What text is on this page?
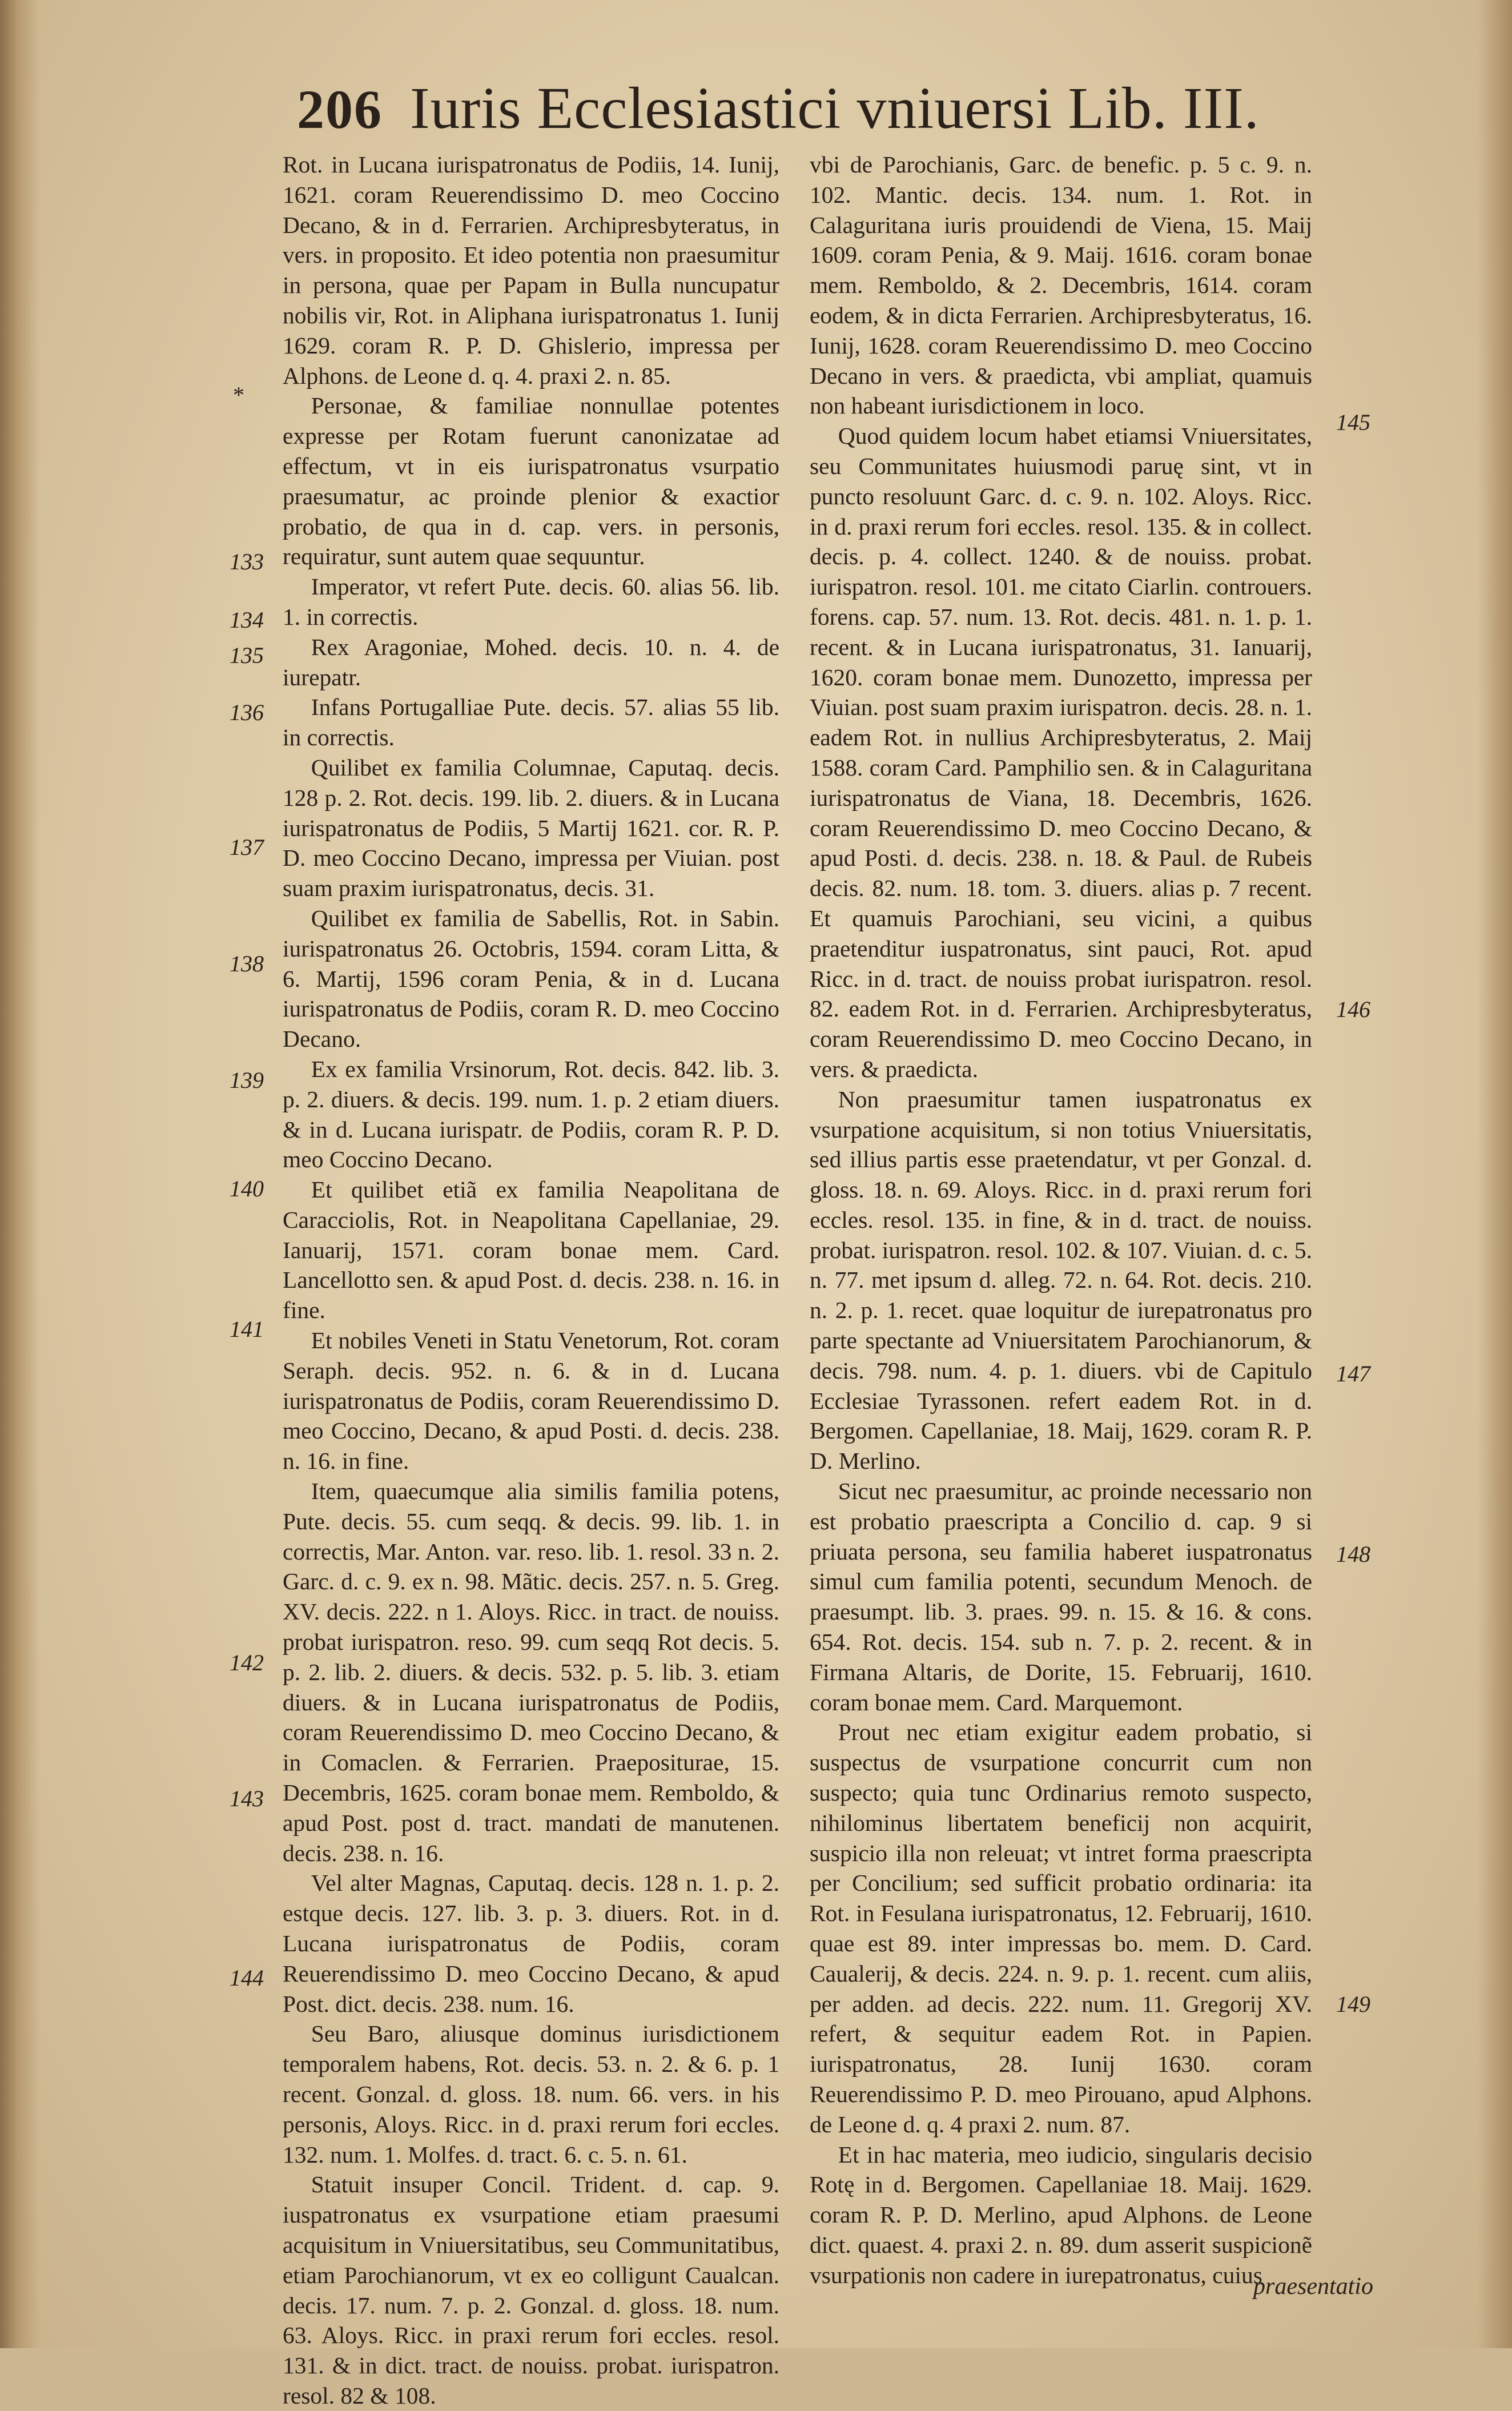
206 Iuris Ecclesiastici vniuersi Lib. III.

Rot. in Lucana iurispatronatus de Podiis, 14. Iunij, 1621. coram Reuerendissimo D. meo Coccino Decano, & in d. Ferrarien. Archipresbyteratus, in vers. in proposito. Et ideo potentia non praesumitur in persona, quae per Papam in Bulla nuncupatur nobilis vir, Rot. in Aliphana iurispatronatus 1. Iunij 1629. coram R. P. D. Ghislerio, impressa per Alphons. de Leone d. q. 4. praxi 2. n. 85.

Personae, & familiae nonnullae potentes expresse per Rotam fuerunt canonizatae ad effectum, vt in eis iurispatronatus vsurpatio praesumatur, ac proinde plenior & exactior probatio, de qua in d. cap. vers. in personis, requiratur, sunt autem quae sequuntur.

Imperator, vt refert Pute. decis. 60. alias 56. lib. 1. in correctis.

Rex Aragoniae, Mohed. decis. 10. n. 4. de iurepatr.

Infans Portugalliae Pute. decis. 57. alias 55 lib. in correctis.

Quilibet ex familia Columnae, Caputaq. decis. 128 p. 2. Rot. decis. 199. lib. 2. diuers. & in Lucana iurispatronatus de Podiis, 5 Martij 1621. cor. R. P. D. meo Coccino Decano, impressa per Viuian. post suam praxim iurispatronatus, decis. 31.

Quilibet ex familia de Sabellis, Rot. in Sabin. iurispatronatus 26. Octobris, 1594. coram Litta, & 6. Martij, 1596 coram Penia, & in d. Lucana iurispatronatus de Podiis, coram R. D. meo Coccino Decano.

Ex ex familia Vrsinorum, Rot. decis. 842. lib. 3. p. 2. diuers. & decis. 199. num. 1. p. 2 etiam diuers. & in d. Lucana iurispatr. de Podiis, coram R. P. D. meo Coccino Decano.

Et quilibet etiã ex familia Neapolitana de Caracciolis, Rot. in Neapolitana Capellaniae, 29. Ianuarij, 1571. coram bonae mem. Card. Lancellotto sen. & apud Post. d. decis. 238. n. 16. in fine.

Et nobiles Veneti in Statu Venetorum, Rot. coram Seraph. decis. 952. n. 6. & in d. Lucana iurispatronatus de Podiis, coram Reuerendissimo D. meo Coccino, Decano, & apud Posti. d. decis. 238. n. 16. in fine.

Item, quaecumque alia similis familia potens, Pute. decis. 55. cum seqq. & decis. 99. lib. 1. in correctis, Mar. Anton. var. reso. lib. 1. resol. 33 n. 2. Garc. d. c. 9. ex n. 98. Mãtic. decis. 257. n. 5. Greg. XV. decis. 222. n 1. Aloys. Ricc. in tract. de nouiss. probat iurispatron. reso. 99. cum seqq Rot decis. 5. p. 2. lib. 2. diuers. & decis. 532. p. 5. lib. 3. etiam diuers. & in Lucana iurispatronatus de Podiis, coram Reuerendissimo D. meo Coccino Decano, & in Comaclen. & Ferrarien. Praepositurae, 15. Decembris, 1625. coram bonae mem. Remboldo, & apud Post. post d. tract. mandati de manutenen. decis. 238. n. 16.

Vel alter Magnas, Caputaq. decis. 128 n. 1. p. 2. estque decis. 127. lib. 3. p. 3. diuers. Rot. in d. Lucana iurispatronatus de Podiis, coram Reuerendissimo D. meo Coccino Decano, & apud Post. dict. decis. 238. num. 16.

Seu Baro, aliusque dominus iurisdictionem temporalem habens, Rot. decis. 53. n. 2. & 6. p. 1 recent. Gonzal. d. gloss. 18. num. 66. vers. in his personis, Aloys. Ricc. in d. praxi rerum fori eccles. 132. num. 1. Molfes. d. tract. 6. c. 5. n. 61.

Statuit insuper Concil. Trident. d. cap. 9. iuspatronatus ex vsurpatione etiam praesumi acquisitum in Vniuersitatibus, seu Communitatibus, etiam Parochianorum, vt ex eo colligunt Caualcan. decis. 17. num. 7. p. 2. Gonzal. d. gloss. 18. num. 63. Aloys. Ricc. in praxi rerum fori eccles. resol. 131. & in dict. tract. de nouiss. probat. iurispatron. resol. 82 & 108.

vbi de Parochianis, Garc. de benefic. p. 5 c. 9. n. 102. Mantic. decis. 134. num. 1. Rot. in Calaguritana iuris prouidendi de Viena, 15. Maij 1609. coram Penia, & 9. Maij. 1616. coram bonae mem. Remboldo, & 2. Decembris, 1614. coram eodem, & in dicta Ferrarien. Archipresbyteratus, 16. Iunij, 1628. coram Reuerendissimo D. meo Coccino Decano in vers. & praedicta, vbi ampliat, quamuis non habeant iurisdictionem in loco.

Quod quidem locum habet etiamsi Vniuersitates, seu Communitates huiusmodi paruę sint, vt in puncto resoluunt Garc. d. c. 9. n. 102. Aloys. Ricc. in d. praxi rerum fori eccles. resol. 135. & in collect. decis. p. 4. collect. 1240. & de nouiss. probat. iurispatron. resol. 101. me citato Ciarlin. controuers. forens. cap. 57. num. 13. Rot. decis. 481. n. 1. p. 1. recent. & in Lucana iurispatronatus, 31. Ianuarij, 1620. coram bonae mem. Dunozetto, impressa per Viuian. post suam praxim iurispatron. decis. 28. n. 1. eadem Rot. in nullius Archipresbyteratus, 2. Maij 1588. coram Card. Pamphilio sen. & in Calaguritana iurispatronatus de Viana, 18. Decembris, 1626. coram Reuerendissimo D. meo Coccino Decano, & apud Posti. d. decis. 238. n. 18. & Paul. de Rubeis decis. 82. num. 18. tom. 3. diuers. alias p. 7 recent. Et quamuis Parochiani, seu vicini, a quibus praetenditur iuspatronatus, sint pauci, Rot. apud Ricc. in d. tract. de nouiss probat iurispatron. resol. 82. eadem Rot. in d. Ferrarien. Archipresbyteratus, coram Reuerendissimo D. meo Coccino Decano, in vers. & praedicta.

Non praesumitur tamen iuspatronatus ex vsurpatione acquisitum, si non totius Vniuersitatis, sed illius partis esse praetendatur, vt per Gonzal. d. gloss. 18. n. 69. Aloys. Ricc. in d. praxi rerum fori eccles. resol. 135. in fine, & in d. tract. de nouiss. probat. iurispatron. resol. 102. & 107. Viuian. d. c. 5. n. 77. met ipsum d. alleg. 72. n. 64. Rot. decis. 210. n. 2. p. 1. recet. quae loquitur de iurepatronatus pro parte spectante ad Vniuersitatem Parochianorum, & decis. 798. num. 4. p. 1. diuers. vbi de Capitulo Ecclesiae Tyrassonen. refert eadem Rot. in d. Bergomen. Capellaniae, 18. Maij, 1629. coram R. P. D. Merlino.

Sicut nec praesumitur, ac proinde necessario non est probatio praescripta a Concilio d. cap. 9 si priuata persona, seu familia haberet iuspatronatus simul cum familia potenti, secundum Menoch. de praesumpt. lib. 3. praes. 99. n. 15. & 16. & cons. 654. Rot. decis. 154. sub n. 7. p. 2. recent. & in Firmana Altaris, de Dorite, 15. Februarij, 1610. coram bonae mem. Card. Marquemont.

Prout nec etiam exigitur eadem probatio, si suspectus de vsurpatione concurrit cum non suspecto; quia tunc Ordinarius remoto suspecto, nihilominus libertatem beneficij non acquirit, suspicio illa non releuat; vt intret forma praescripta per Concilium; sed sufficit probatio ordinaria: ita Rot. in Fesulana iurispatronatus, 12. Februarij, 1610. quae est 89. inter impressas bo. mem. D. Card. Caualerij, & decis. 224. n. 9. p. 1. recent. cum aliis, per adden. ad decis. 222. num. 11. Gregorij XV. refert, & sequitur eadem Rot. in Papien. iurispatronatus, 28. Iunij 1630. coram Reuerendissimo P. D. meo Pirouano, apud Alphons. de Leone d. q. 4 praxi 2. num. 87.

Et in hac materia, meo iudicio, singularis decisio Rotę in d. Bergomen. Capellaniae 18. Maij. 1629. coram R. P. D. Merlino, apud Alphons. de Leone dict. quaest. 4. praxi 2. n. 89. dum asserit suspicionẽ vsurpationis non cadere in iurepatronatus, cuius

*
133
134
135
136
137
138
139
140
141
142
143
144
145
146
147
148
149
praesentatio
